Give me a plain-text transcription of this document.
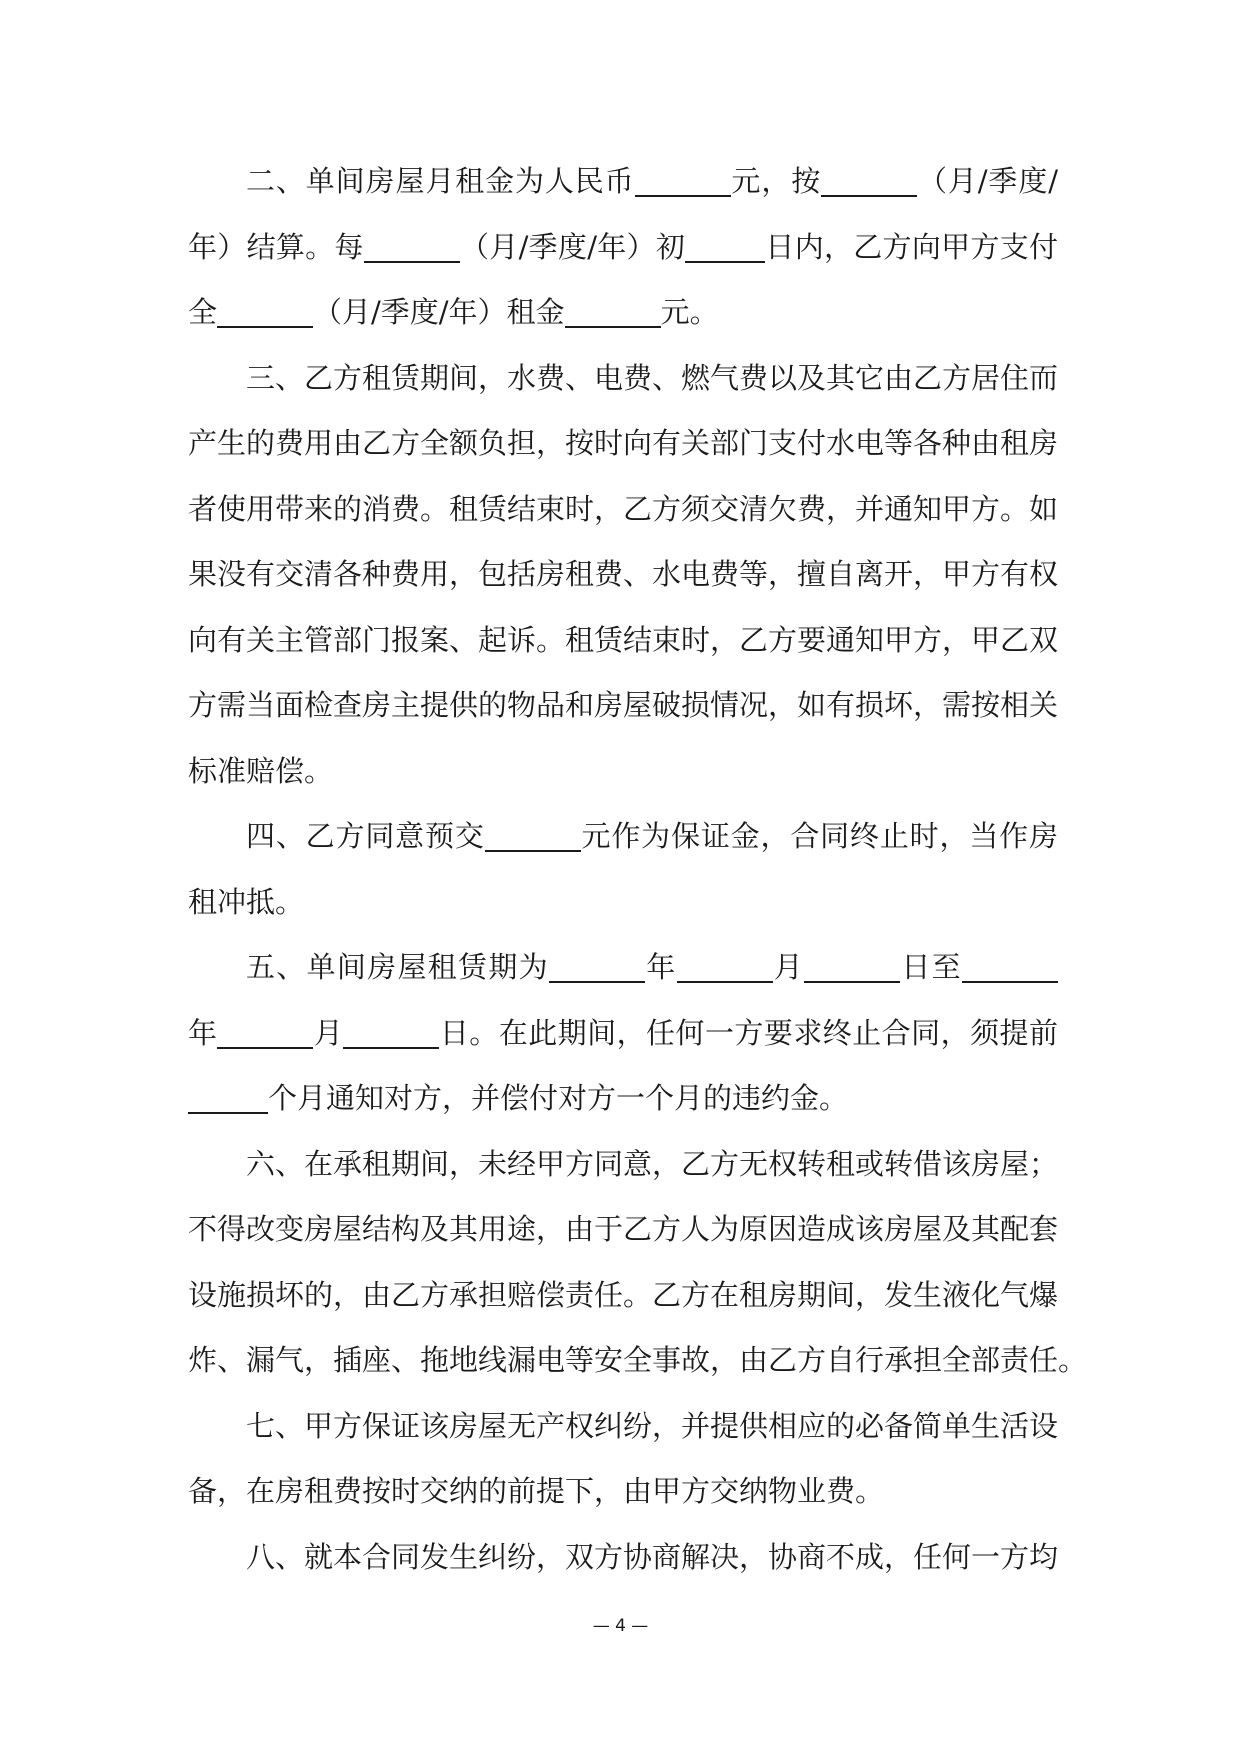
二、单间房屋月租金为人民币	元，按	（月/季度/
年）结算。每	（月/季度/年）初	日内，乙方向甲方支付
全	（月/季度/年）租金	元。
三、乙方租赁期间，水费、电费、燃气费以及其它由乙方居住而
产生的费用由乙方全额负担，按时向有关部门支付水电等各种由租房
者使用带来的消费。租赁结束时，乙方须交清欠费，并通知甲方。如
果没有交清各种费用，包括房租费、水电费等，擅自离开，甲方有权
向有关主管部门报案、起诉。租赁结束时，乙方要通知甲方，甲乙双
方需当面检查房主提供的物品和房屋破损情况，如有损坏，需按相关
标准赔偿。
四、乙方同意预交	元作为保证金，合同终止时，当作房
租冲抵。
五、单间房屋租赁期为	年	月	日至
年	月	日。在此期间，任何一方要求终止合同，须提前
个月通知对方，并偿付对方一个月的违约金。
六、在承租期间，未经甲方同意，乙方无权转租或转借该房屋；
不得改变房屋结构及其用途，由于乙方人为原因造成该房屋及其配套
设施损坏的，由乙方承担赔偿责任。乙方在租房期间，发生液化气爆
炸、漏气，插座、拖地线漏电等安全事故，由乙方自行承担全部责任。
七、甲方保证该房屋无产权纠纷，并提供相应的必备简单生活设
备，在房租费按时交纳的前提下，由甲方交纳物业费。
八、就本合同发生纠纷，双方协商解决，协商不成，任何一方均
— 4 —
